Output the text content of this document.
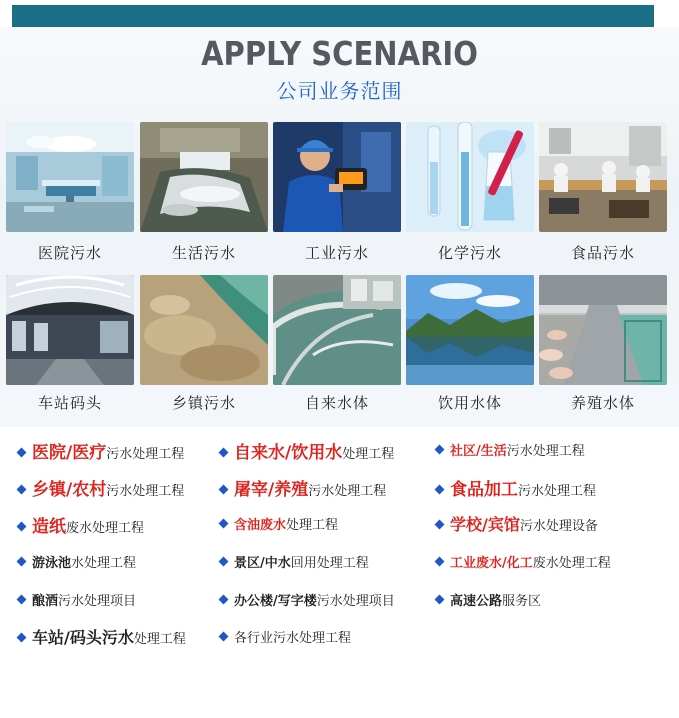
APPLY SCENARIO
公司业务范围
医院污水	生活污水	工业污水	化学污水	食品污水
车站码头	乡镇污水	自来水体	饮用水体	养殖水体
医院/医疗 污水处理工程	自来水/饮用水 处理工程	社区/生活 污水处理工程
乡镇/农村 污水处理工程	屠宰/养殖 污水处理工程	食品加工 污水处理工程
造纸 废水处理工程	含油废水 处理工程	学校/宾馆 污水处理设备
游泳池 水处理工程	景区/中水 回用处理工程	工业废水/化工 废水处理工程
酿酒 污水处理项目	办公楼/写字楼 污水处理项目	高速公路 服务区
车站/码头 污水 处理工程	各行业污水处理工程
